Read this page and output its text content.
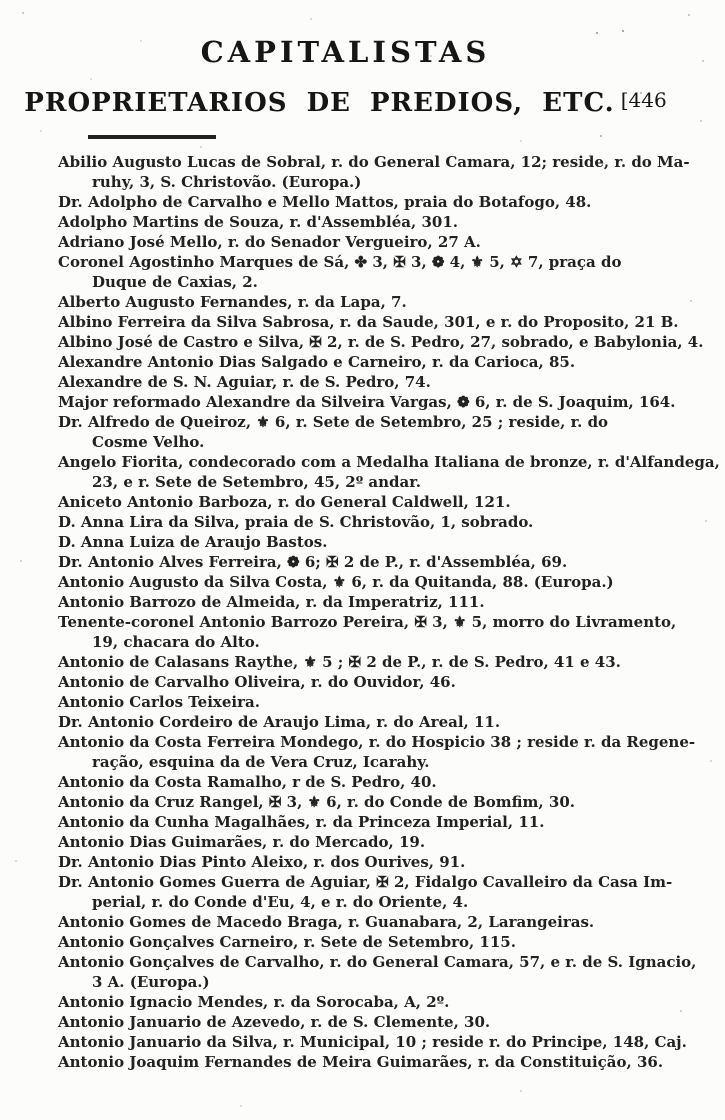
CAPITALISTAS
PROPRIETARIOS DE PREDIOS, ETC. [446

Abilio Augusto Lucas de Sobral, r. do General Camara, 12; reside, r. do Ma-
ruhy, 3, S. Christovão. (Europa.)

Dr. Adolpho de Carvalho e Mello Mattos, praia do Botafogo, 48.

Adolpho Martins de Souza, r. d'Assembléa, 301.

Adriano José Mello, r. do Senador Vergueiro, 27 A.

Coronel Agostinho Marques de Sá, ✤ 3, ✠ 3, ❁ 4, ⚜ 5, ✡ 7, praça do
Duque de Caxias, 2.

Alberto Augusto Fernandes, r. da Lapa, 7.

Albino Ferreira da Silva Sabrosa, r. da Saude, 301, e r. do Proposito, 21 B.

Albino José de Castro e Silva, ✠ 2, r. de S. Pedro, 27, sobrado, e Babylonia, 4.

Alexandre Antonio Dias Salgado e Carneiro, r. da Carioca, 85.

Alexandre de S. N. Aguiar, r. de S. Pedro, 74.

Major reformado Alexandre da Silveira Vargas, ❁ 6, r. de S. Joaquim, 164.

Dr. Alfredo de Queiroz, ⚜ 6, r. Sete de Setembro, 25 ; reside, r. do
Cosme Velho.

Angelo Fiorita, condecorado com a Medalha Italiana de bronze, r. d'Alfandega,
23, e r. Sete de Setembro, 45, 2º andar.

Aniceto Antonio Barboza, r. do General Caldwell, 121.

D. Anna Lira da Silva, praia de S. Christovão, 1, sobrado.

D. Anna Luiza de Araujo Bastos.

Dr. Antonio Alves Ferreira, ❁ 6; ✠ 2 de P., r. d'Assembléa, 69.

Antonio Augusto da Silva Costa, ⚜ 6, r. da Quitanda, 88. (Europa.)

Antonio Barrozo de Almeida, r. da Imperatriz, 111.

Tenente-coronel Antonio Barrozo Pereira, ✠ 3, ⚜ 5, morro do Livramento,
19, chacara do Alto.

Antonio de Calasans Raythe, ⚜ 5 ; ✠ 2 de P., r. de S. Pedro, 41 e 43.

Antonio de Carvalho Oliveira, r. do Ouvidor, 46.

Antonio Carlos Teixeira.

Dr. Antonio Cordeiro de Araujo Lima, r. do Areal, 11.

Antonio da Costa Ferreira Mondego, r. do Hospicio 38 ; reside r. da Regene-
ração, esquina da de Vera Cruz, Icarahy.

Antonio da Costa Ramalho, r de S. Pedro, 40.

Antonio da Cruz Rangel, ✠ 3, ⚜ 6, r. do Conde de Bomfim, 30.

Antonio da Cunha Magalhães, r. da Princeza Imperial, 11.

Antonio Dias Guimarães, r. do Mercado, 19.

Dr. Antonio Dias Pinto Aleixo, r. dos Ourives, 91.

Dr. Antonio Gomes Guerra de Aguiar, ✠ 2, Fidalgo Cavalleiro da Casa Im-
perial, r. do Conde d'Eu, 4, e r. do Oriente, 4.

Antonio Gomes de Macedo Braga, r. Guanabara, 2, Larangeiras.

Antonio Gonçalves Carneiro, r. Sete de Setembro, 115.

Antonio Gonçalves de Carvalho, r. do General Camara, 57, e r. de S. Ignacio,
3 A. (Europa.)

Antonio Ignacio Mendes, r. da Sorocaba, A, 2º.

Antonio Januario de Azevedo, r. de S. Clemente, 30.

Antonio Januario da Silva, r. Municipal, 10 ; reside r. do Principe, 148, Caj.

Antonio Joaquim Fernandes de Meira Guimarães, r. da Constituição, 36.
